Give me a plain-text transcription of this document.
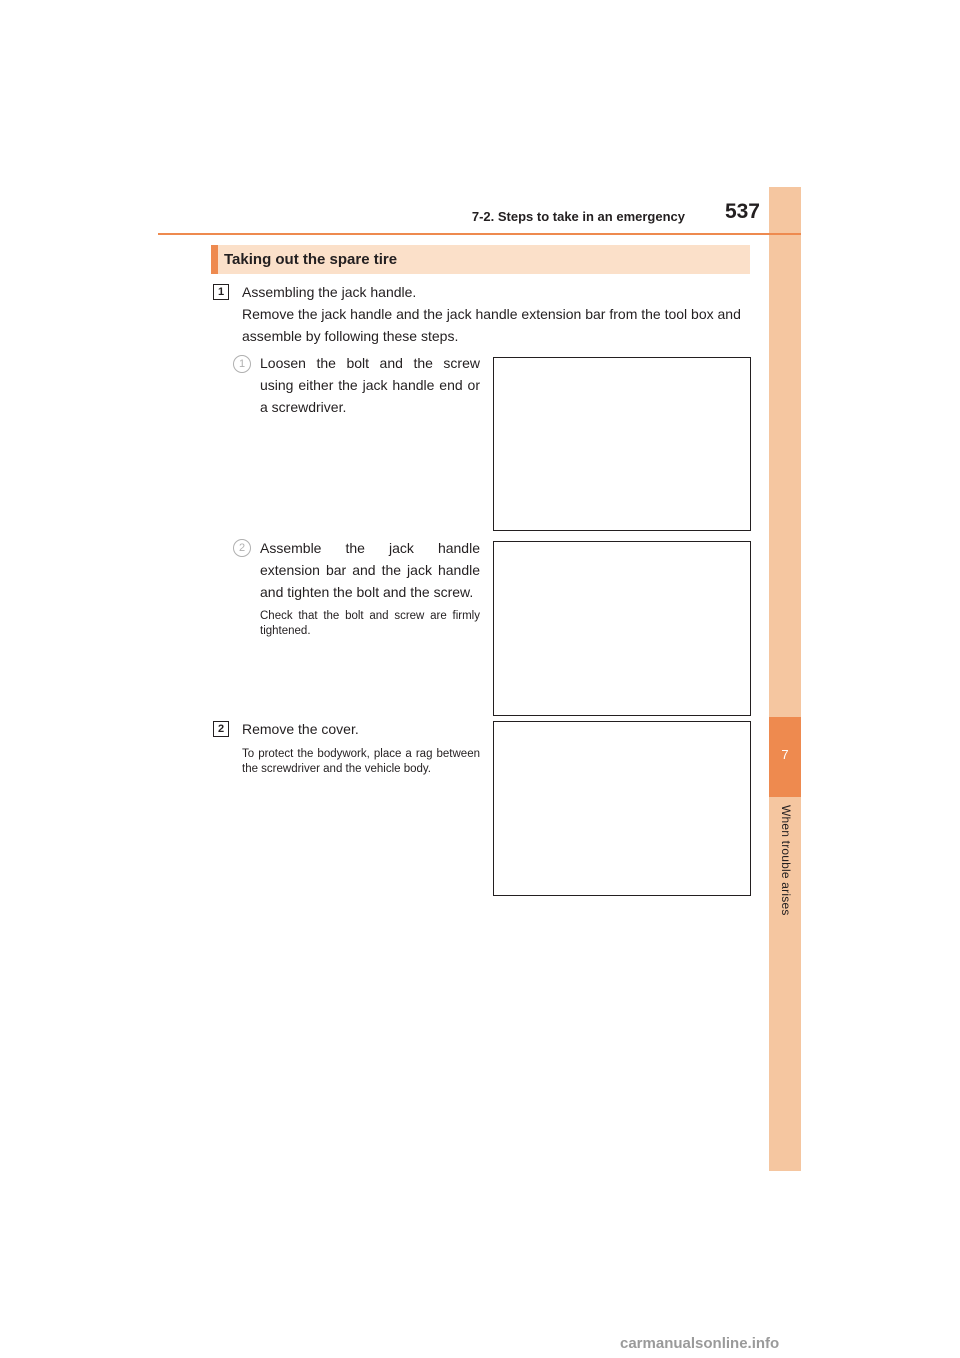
7
When trouble arises
7-2. Steps to take in an emergency	537
Taking out the spare tire
1	Assembling the jack handle.
Remove the jack handle and the jack handle extension bar from the tool box and assemble by following these steps.
1	Loosen the bolt and the screw using either the jack handle end or a screwdriver.
2	Assemble the jack handle extension bar and the jack handle and tighten the bolt and the screw.
Check that the bolt and screw are firmly tightened.
2	Remove the cover.
To protect the bodywork, place a rag between the screwdriver and the vehicle body.
carmanualsonline.info
